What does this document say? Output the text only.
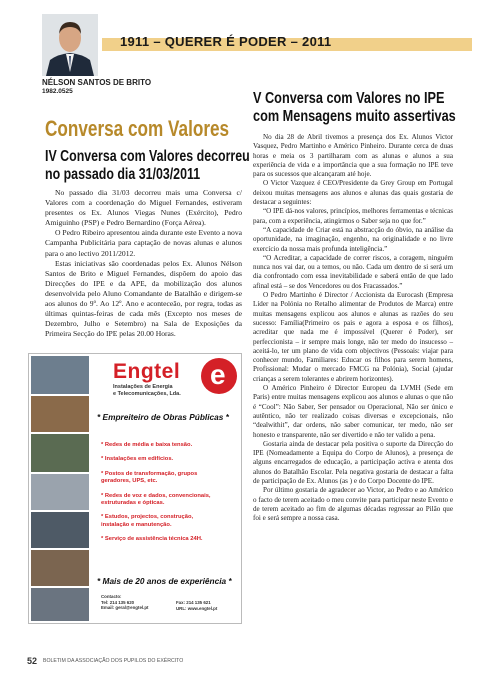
1911 – QUERER É PODER – 2011
NÉLSON SANTOS DE BRITO
1982.0525
Conversa com Valores
IV Conversa com Valores decorreu
no passado dia 31/03/2011

No passado dia 31/03 decorreu mais uma Conversa c/ Valores com a coordenação do Miguel Fernandes, estiveram presentes os Ex. Alunos Viegas Nunes (Exército), Pedro Amiguinho (PSP) e Pedro Bernardino (Força Aérea).

O Pedro Ribeiro apresentou ainda durante este Evento a nova Campanha Publicitária para captação de novas alunas e alunos para o ano lectivo 2011/2012.

Estas iniciativas são coordenadas pelos Ex. Alunos Nélson Santos de Brito e Miguel Fernandes, dispõem do apoio das Direcções do IPE e da APE, da mobilização dos alunos desenvolvida pelo Aluno Comandante de Batalhão e dirigem-se aos alunos do 9º. Ao 12º. Ano e aconteceão, por regra, todas as últimas quintas-feiras de cada mês (Excepto nos meses de Dezembro, Julho e Setembro) na Sala de Exposições da Primeira Secção do IPE pelas 20.00 Horas.

Engtel e
Instalações de Energia
e Telecomunicações, Lda.
* Empreiteiro de Obras Públicas *
* Redes de média e baixa tensão.
* Instalações em edifícios.
* Postos de transformação, grupos geradores, UPS, etc.
* Redes de voz e dados, convencionais, estruturadas e ópticas.
* Estudos, projectos, construção, instalação e manutenção.
* Serviço de assistência técnica 24H.
* Mais de 20 anos de experiência *
Contacto:
Tel: 214 135 620
Email: geral@engtel.pt
Fax: 214 135 621
URL: www.engtel.pt
V Conversa com Valores no IPE
com Mensagens muito assertivas

No dia 28 de Abril tivemos a presença dos Ex. Alunos Victor Vasquez, Pedro Martinho e Américo Pinheiro. Durante cerca de duas horas e meia os 3 partilharam com as alunas e alunos a sua experiência de vida e a importância que a sua formação no IPE teve para os sucessos que alcançaram até hoje.

O Victor Vazquez é CEO/Presidente da Grey Group em Portugal deixou muitas mensagens aos alunos e alunas das quais gostaria de destacar a seguintes:

“O IPE dá-nos valores, princípios, melhores ferramentas e técnicas para, com a experiência, atingirmos o Saber seja no que for.”

“A capacidade de Criar está na abstracção do óbvio, na análise da oportunidade, na imaginação, engenho, na originalidade e no livre exercício da nossa mais profunda inteligência.”

“O Acreditar, a capacidade de correr riscos, a coragem, ninguém nunca nos vai dar, ou a temos, ou não. Cada um dentro de si será um dia confrontado com essa inevitabilidade e saberá então de que lado afinal está – se dos Vencedores ou dos Fracassados.”

O Pedro Martinho é Director / Accionista da Eurocash (Empresa Líder na Polónia no Retalho alimentar de Produtos de Marca) entre muitas mensagens explicou aos alunos e alunas as razões do seu sucesso: Família(Primeiro os pais e agora a esposa e os filhos), acreditar que nada me é impossível (Querer é Poder), ser perfeccionista – ir sempre mais longe, não ter medo do insucesso – aceitá-lo, ter um plano de vida com objectivos (Pessoais: viajar para conhecer mundo, Familiares: Educar os filhos para serem homens, Profissional: Mudar o mercado FMCG na Polónia), Social (ajudar crianças a serem tolerantes e abrirem horizontes).

O Américo Pinheiro é Director Europeu da LVMH (Sede em Paris) entre muitas mensagens explicou aos alunos e alunas o que não é “Cool”: Não Saber, Ser pensador ou Operacional, Não ser único e autêntico, não ter realizado coisas diversas e excepcionais, não “dealwithit”, dar ordens, não saber comunicar, ter medo, não ser honesto e transparente, não ser divertido e não ter valido a pena.

Gostaria ainda de destacar pela positiva o suporte da Direcção do IPE (Nomeadamente a Equipa do Corpo de Alunos), a presença de alguns encarregados de educação, a participação activa e atenta dos alunos do Batalhão Escolar. Pela negativa gostaria de destacar a falta de participação de Ex. Alunos (as ) e do Corpo Docente do IPE.

Por último gostaria de agradecer ao Victor, ao Pedro e ao Américo o facto de terem aceitado o meu convite para participar neste Evento e de terem aceitado ao fim de algumas décadas regressar ao Pilão que foi e será sempre a nossa casa.

52 BOLETIM DA ASSOCIAÇÃO DOS PUPILOS DO EXÉRCITO
